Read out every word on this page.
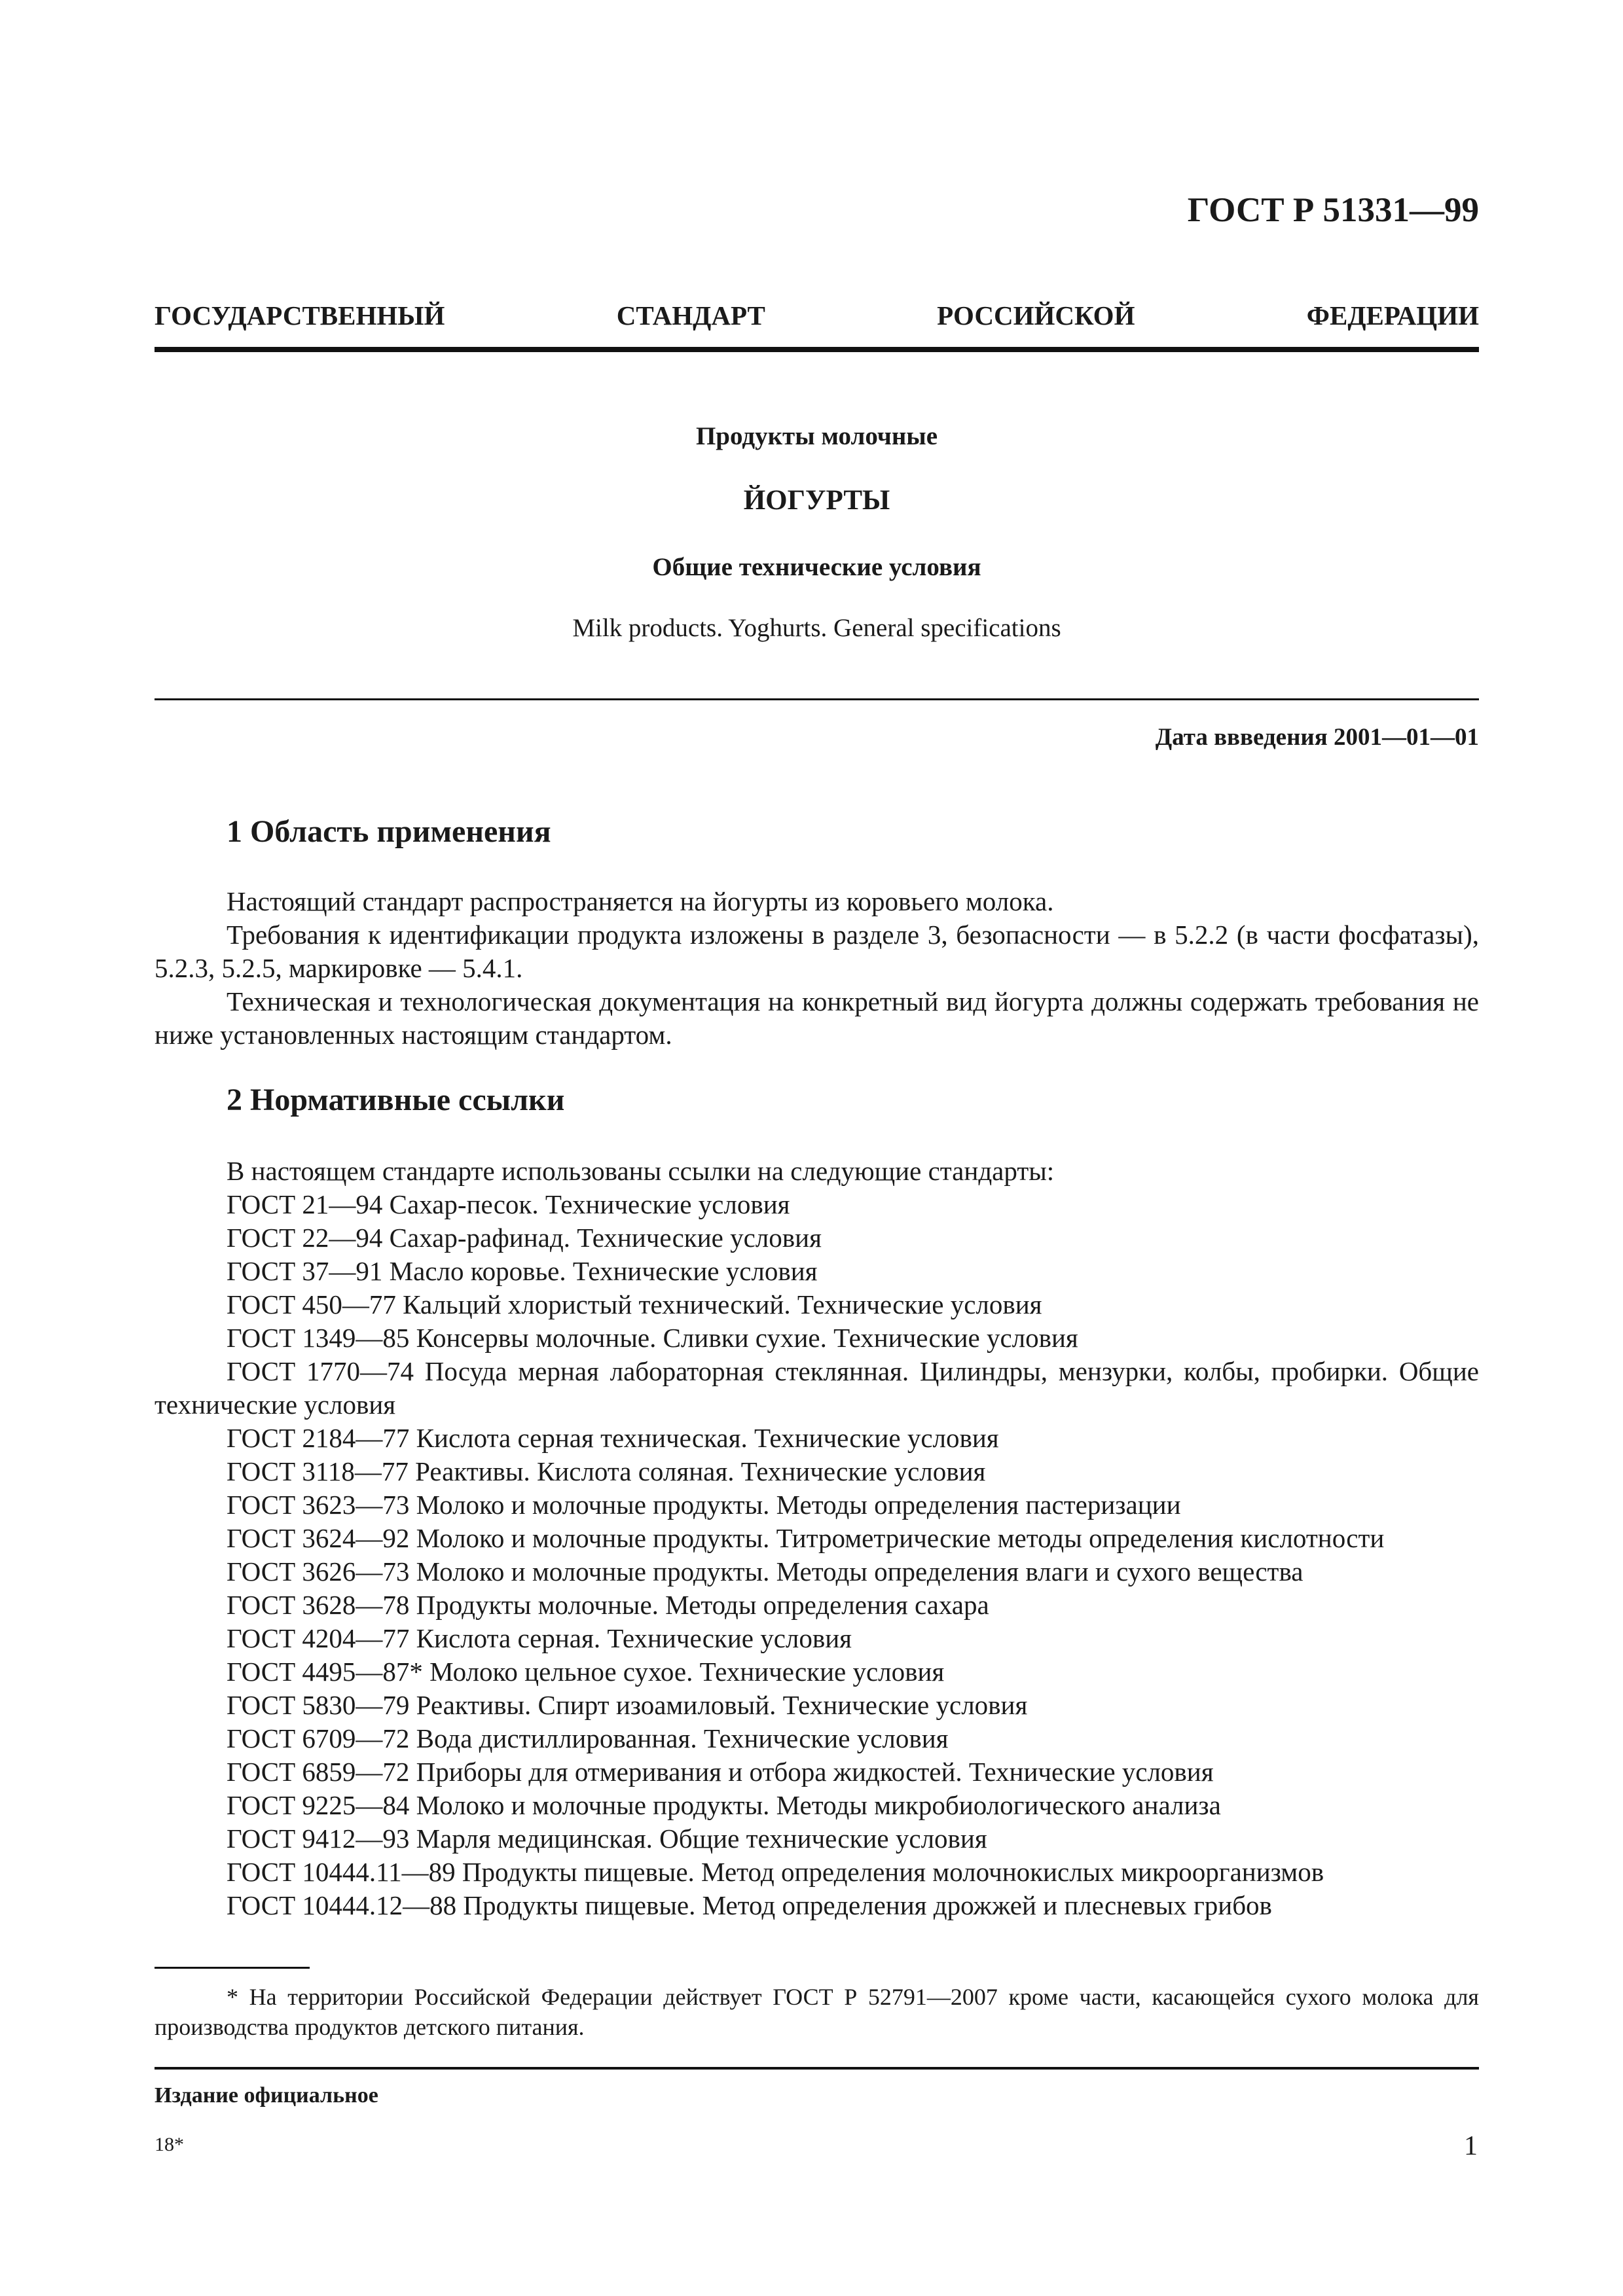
ГОСТ Р 51331—99
ГОСУДАРСТВЕННЫЙ	СТАНДАРТ	РОССИЙСКОЙ	ФЕДЕРАЦИИ
Продукты молочные
ЙОГУРТЫ
Общие технические условия
Milk products. Yoghurts. General specifications
Дата ввведения 2001—01—01
1 Область применения

Настоящий стандарт распространяется на йогурты из коровьего молока.

Требования к идентификации продукта изложены в разделе 3, безопасности — в 5.2.2 (в части фосфатазы), 5.2.3, 5.2.5, маркировке — 5.4.1.

Техническая и технологическая документация на конкретный вид йогурта должны содержать требования не ниже установленных настоящим стандартом.

2 Нормативные ссылки

В настоящем стандарте использованы ссылки на следующие стандарты:

ГОСТ 21—94 Сахар-песок. Технические условия
ГОСТ 22—94 Сахар-рафинад. Технические условия
ГОСТ 37—91 Масло коровье. Технические условия
ГОСТ 450—77 Кальций хлористый технический. Технические условия
ГОСТ 1349—85 Консервы молочные. Сливки сухие. Технические условия
ГОСТ 1770—74 Посуда мерная лабораторная стеклянная. Цилиндры, мензурки, колбы, пробирки. Общие технические условия
ГОСТ 2184—77 Кислота серная техническая. Технические условия
ГОСТ 3118—77 Реактивы. Кислота соляная. Технические условия
ГОСТ 3623—73 Молоко и молочные продукты. Методы определения пастеризации
ГОСТ 3624—92 Молоко и молочные продукты. Титрометрические методы определения кислотности
ГОСТ 3626—73 Молоко и молочные продукты. Методы определения влаги и сухого вещества
ГОСТ 3628—78 Продукты молочные. Методы определения сахара
ГОСТ 4204—77 Кислота серная. Технические условия
ГОСТ 4495—87* Молоко цельное сухое. Технические условия
ГОСТ 5830—79 Реактивы. Спирт изоамиловый. Технические условия
ГОСТ 6709—72 Вода дистиллированная. Технические условия
ГОСТ 6859—72 Приборы для отмеривания и отбора жидкостей. Технические условия
ГОСТ 9225—84 Молоко и молочные продукты. Методы микробиологического анализа
ГОСТ 9412—93 Марля медицинская. Общие технические условия
ГОСТ 10444.11—89 Продукты пищевые. Метод определения молочнокислых микроорганизмов
ГОСТ 10444.12—88 Продукты пищевые. Метод определения дрожжей и плесневых грибов

* На территории Российской Федерации действует ГОСТ Р 52791—2007 кроме части, касающейся сухого молока для производства продуктов детского питания.

Издание официальное
18*	1
